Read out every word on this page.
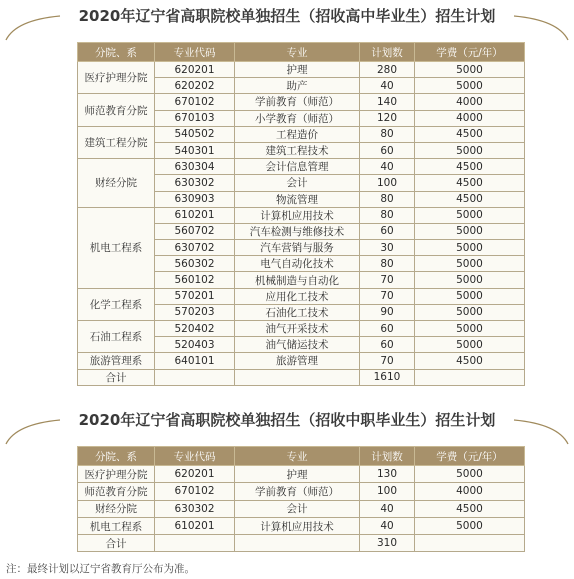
2020年辽宁省高职院校单独招生（招收高中毕业生）招生计划
分院、系	专业代码	专业	计划数	学费（元/年）
医疗护理分院	620201	护理	280	5000
	620202	助产	40	5000
师范教育分院	670102	学前教育（师范）	140	4000
	670103	小学教育（师范）	120	4000
建筑工程分院	540502	工程造价	80	4500
	540301	建筑工程技术	60	5000
财经分院	630304	会计信息管理	40	4500
	630302	会计	100	4500
	630903	物流管理	80	4500
机电工程系	610201	计算机应用技术	80	5000
	560702	汽车检测与维修技术	60	5000
	630702	汽车营销与服务	30	5000
	560302	电气自动化技术	80	5000
	560102	机械制造与自动化	70	5000
化学工程系	570201	应用化工技术	70	5000
	570203	石油化工技术	90	5000
石油工程系	520402	油气开采技术	60	5000
	520403	油气储运技术	60	5000
旅游管理系	640101	旅游管理	70	4500
合计			1610	
2020年辽宁省高职院校单独招生（招收中职毕业生）招生计划
分院、系	专业代码	专业	计划数	学费（元/年）
医疗护理分院	620201	护理	130	5000
师范教育分院	670102	学前教育（师范）	100	4000
财经分院	630302	会计	40	4500
机电工程系	610201	计算机应用技术	40	5000
合计			310	
注：最终计划以辽宁省教育厅公布为准。
